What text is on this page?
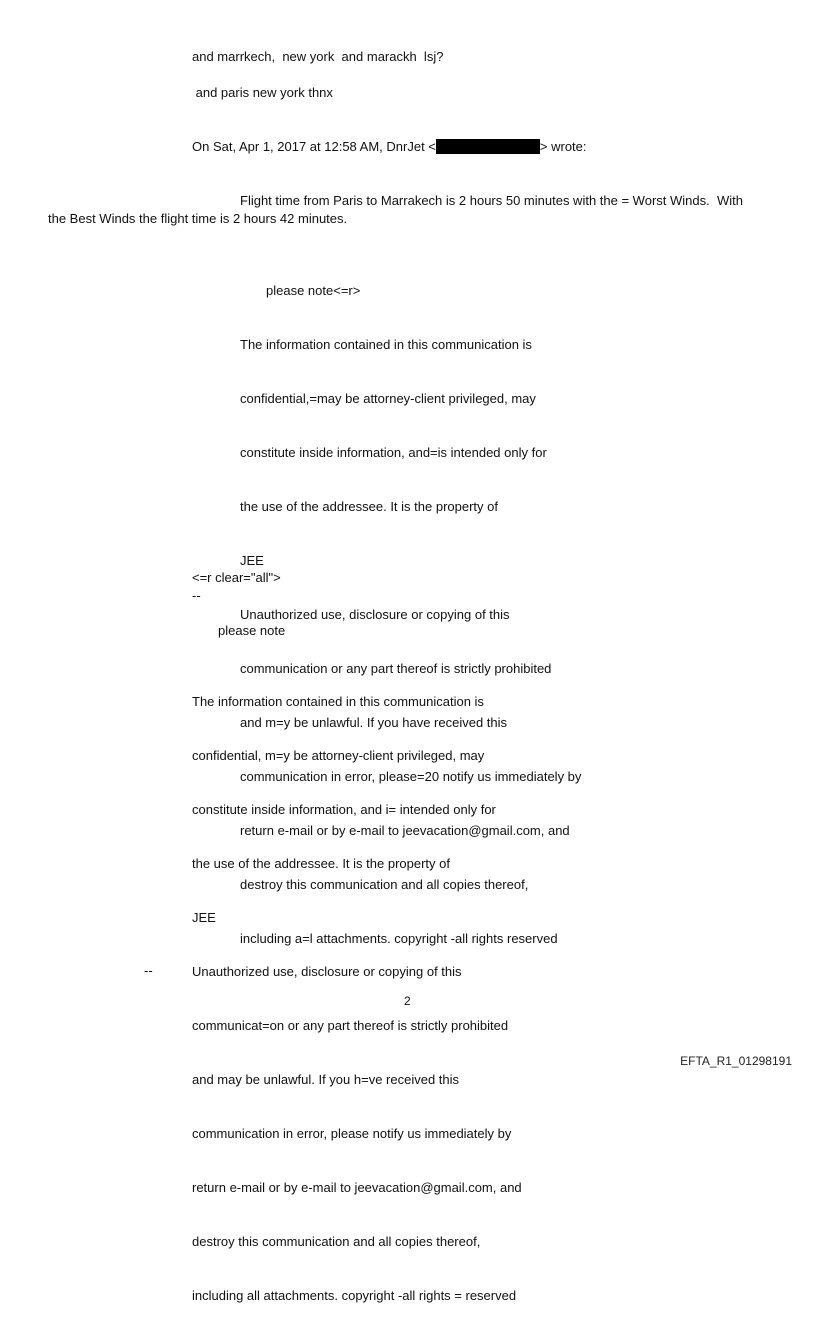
and marrkech,  new york  and marackh  lsj?
and paris new york thnx
On Sat, Apr 1, 2017 at 12:58 AM, DnrJet <	> wrote:
Flight time from Paris to Marrakech is 2 hours 50 minutes with the = Worst Winds.  With
the Best Winds the flight time is 2 hours 42 minutes.
please note<=r>

The information contained in this communication is

confidential,=may be attorney-client privileged, may

constitute inside information, and=is intended only for

the use of the addressee. It is the property of

JEE

Unauthorized use, disclosure or copying of this

communication or any part thereof is strictly prohibited

and m=y be unlawful. If you have received this

communication in error, please=20 notify us immediately by

return e-mail or by e-mail to jeevacation@gmail.com, and

destroy this communication and all copies thereof,

including a=l attachments. copyright -all rights reserved

<=r clear="all">
--
please note

The information contained in this communication is

confidential, m=y be attorney-client privileged, may

constitute inside information, and i= intended only for

the use of the addressee. It is the property of

JEE

Unauthorized use, disclosure or copying of this

communicat=on or any part thereof is strictly prohibited

and may be unlawful. If you h=ve received this

communication in error, please notify us immediately by

return e-mail or by e-mail to jeevacation@gmail.com, and

destroy this communication and all copies thereof,

including all attachments. copyright -all rights = reserved

--
2
EFTA_R1_01298191
